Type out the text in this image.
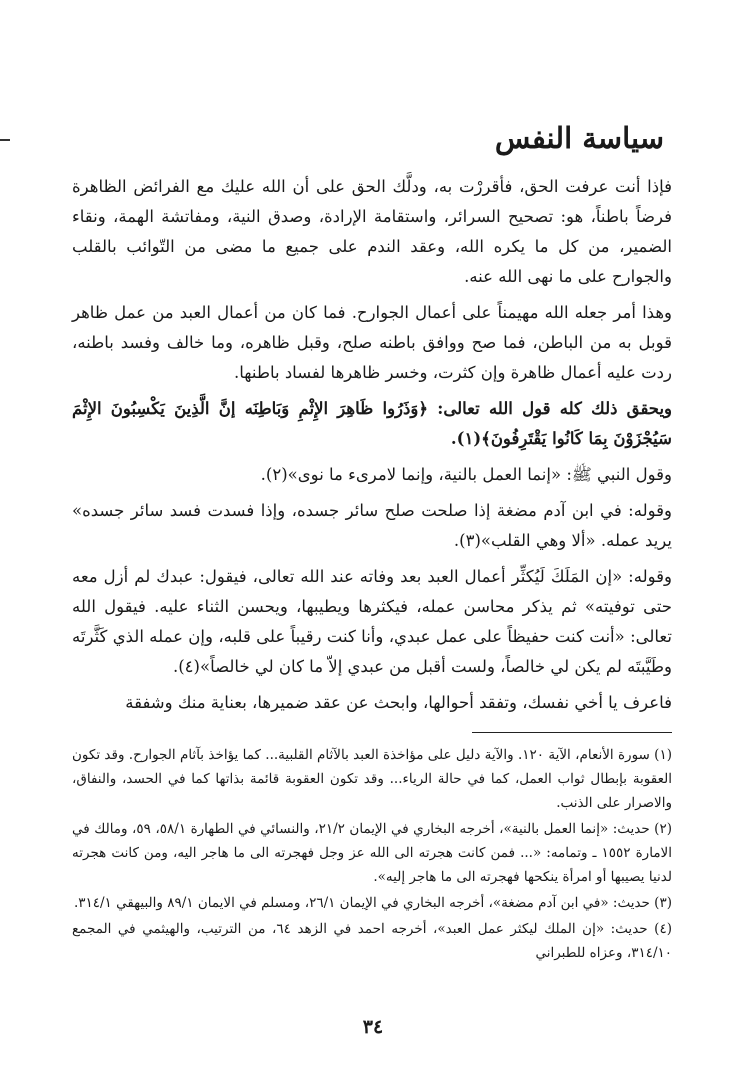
سياسة النفس

فإذا أنت عرفت الحق، فأقررْت به، ودلَّك الحق على أن الله عليك مع الفرائض الظاهرة فرضاً باطناً، هو: تصحيح السرائر، واستقامة الإرادة، وصدق النية، ومفاتشة الهمة، ونقاء الضمير، من كل ما يكره الله، وعقد الندم على جميع ما مضى من التّوائب بالقلب والجوارح على ما نهى الله عنه.

وهذا أمر جعله الله مهيمناً على أعمال الجوارح. فما كان من أعمال العبد من عمل ظاهر قوبل به من الباطن، فما صح ووافق باطنه صلح، وقبل ظاهره، وما خالف وفسد باطنه، ردت عليه أعمال ظاهرة وإن كثرت، وخسر ظاهرها لفساد باطنها.

ويحقق ذلك كله قول الله تعالى: ﴿وَذَرُوا ظَاهِرَ الإِثْمِ وَبَاطِنَه إنَّ الَّذِينَ يَكْسِبُونَ الإِثْمَ سَيُجْزَوْنَ بِمَا كَانُوا يَقْتَرِفُونَ﴾(١).

وقول النبي ﷺ: «إنما العمل بالنية، وإنما لامرىء ما نوى»(٢).

وقوله: في ابن آدم مضغة إذا صلحت صلح سائر جسده، وإذا فسدت فسد سائر جسده» يريد عمله. «ألا وهي القلب»(٣).

وقوله: «إن المَلَكَ لَيُكثِّر أعمال العبد بعد وفاته عند الله تعالى، فيقول: عبدك لم أزل معه حتى توفيته» ثم يذكر محاسن عمله، فيكثرها ويطيبها، ويحسن الثناء عليه. فيقول الله تعالى: «أنت كنت حفيظاً على عمل عبدي، وأنا كنت رقيباً على قلبه، وإن عمله الذي كَثَّرتَه وطَيَّبتَه لم يكن لي خالصاً، ولست أقبل من عبدي إلاّ ما كان لي خالصاً»(٤).

فاعرف يا أخي نفسك، وتفقد أحوالها، وابحث عن عقد ضميرها، بعناية منك وشفقة

(١) سورة الأنعام، الآية ١٢٠. والآية دليل على مؤاخذة العبد بالآثام القلبية... كما يؤاخذ بآثام الجوارح. وقد تكون العقوبة بإبطال ثواب العمل، كما في حالة الرياء... وقد تكون العقوبة قائمة بذاتها كما في الحسد، والنفاق، والاصرار على الذنب.

(٢) حديث: «إنما العمل بالنية»، أخرجه البخاري في الإيمان ٢١/٢، والنسائي في الطهارة ٥٨/١، ٥٩، ومالك في الامارة ١٥٥٢ ـ وتمامه: «... فمن كانت هجرته الى الله عز وجل فهجرته الى ما هاجر اليه، ومن كانت هجرته لدنيا يصيبها أو امرأة ينكحها فهجرته الى ما هاجر إليه».

(٣) حديث: «في ابن آدم مضغة»، أخرجه البخاري في الإيمان ٢٦/١، ومسلم في الايمان ٨٩/١ والبيهقي ٣١٤/١.

(٤) حديث: «إن الملك ليكثر عمل العبد»، أخرجه احمد في الزهد ٦٤، من الترتيب، والهيثمي في المجمع ٣١٤/١٠، وعزاه للطبراني

٣٤
